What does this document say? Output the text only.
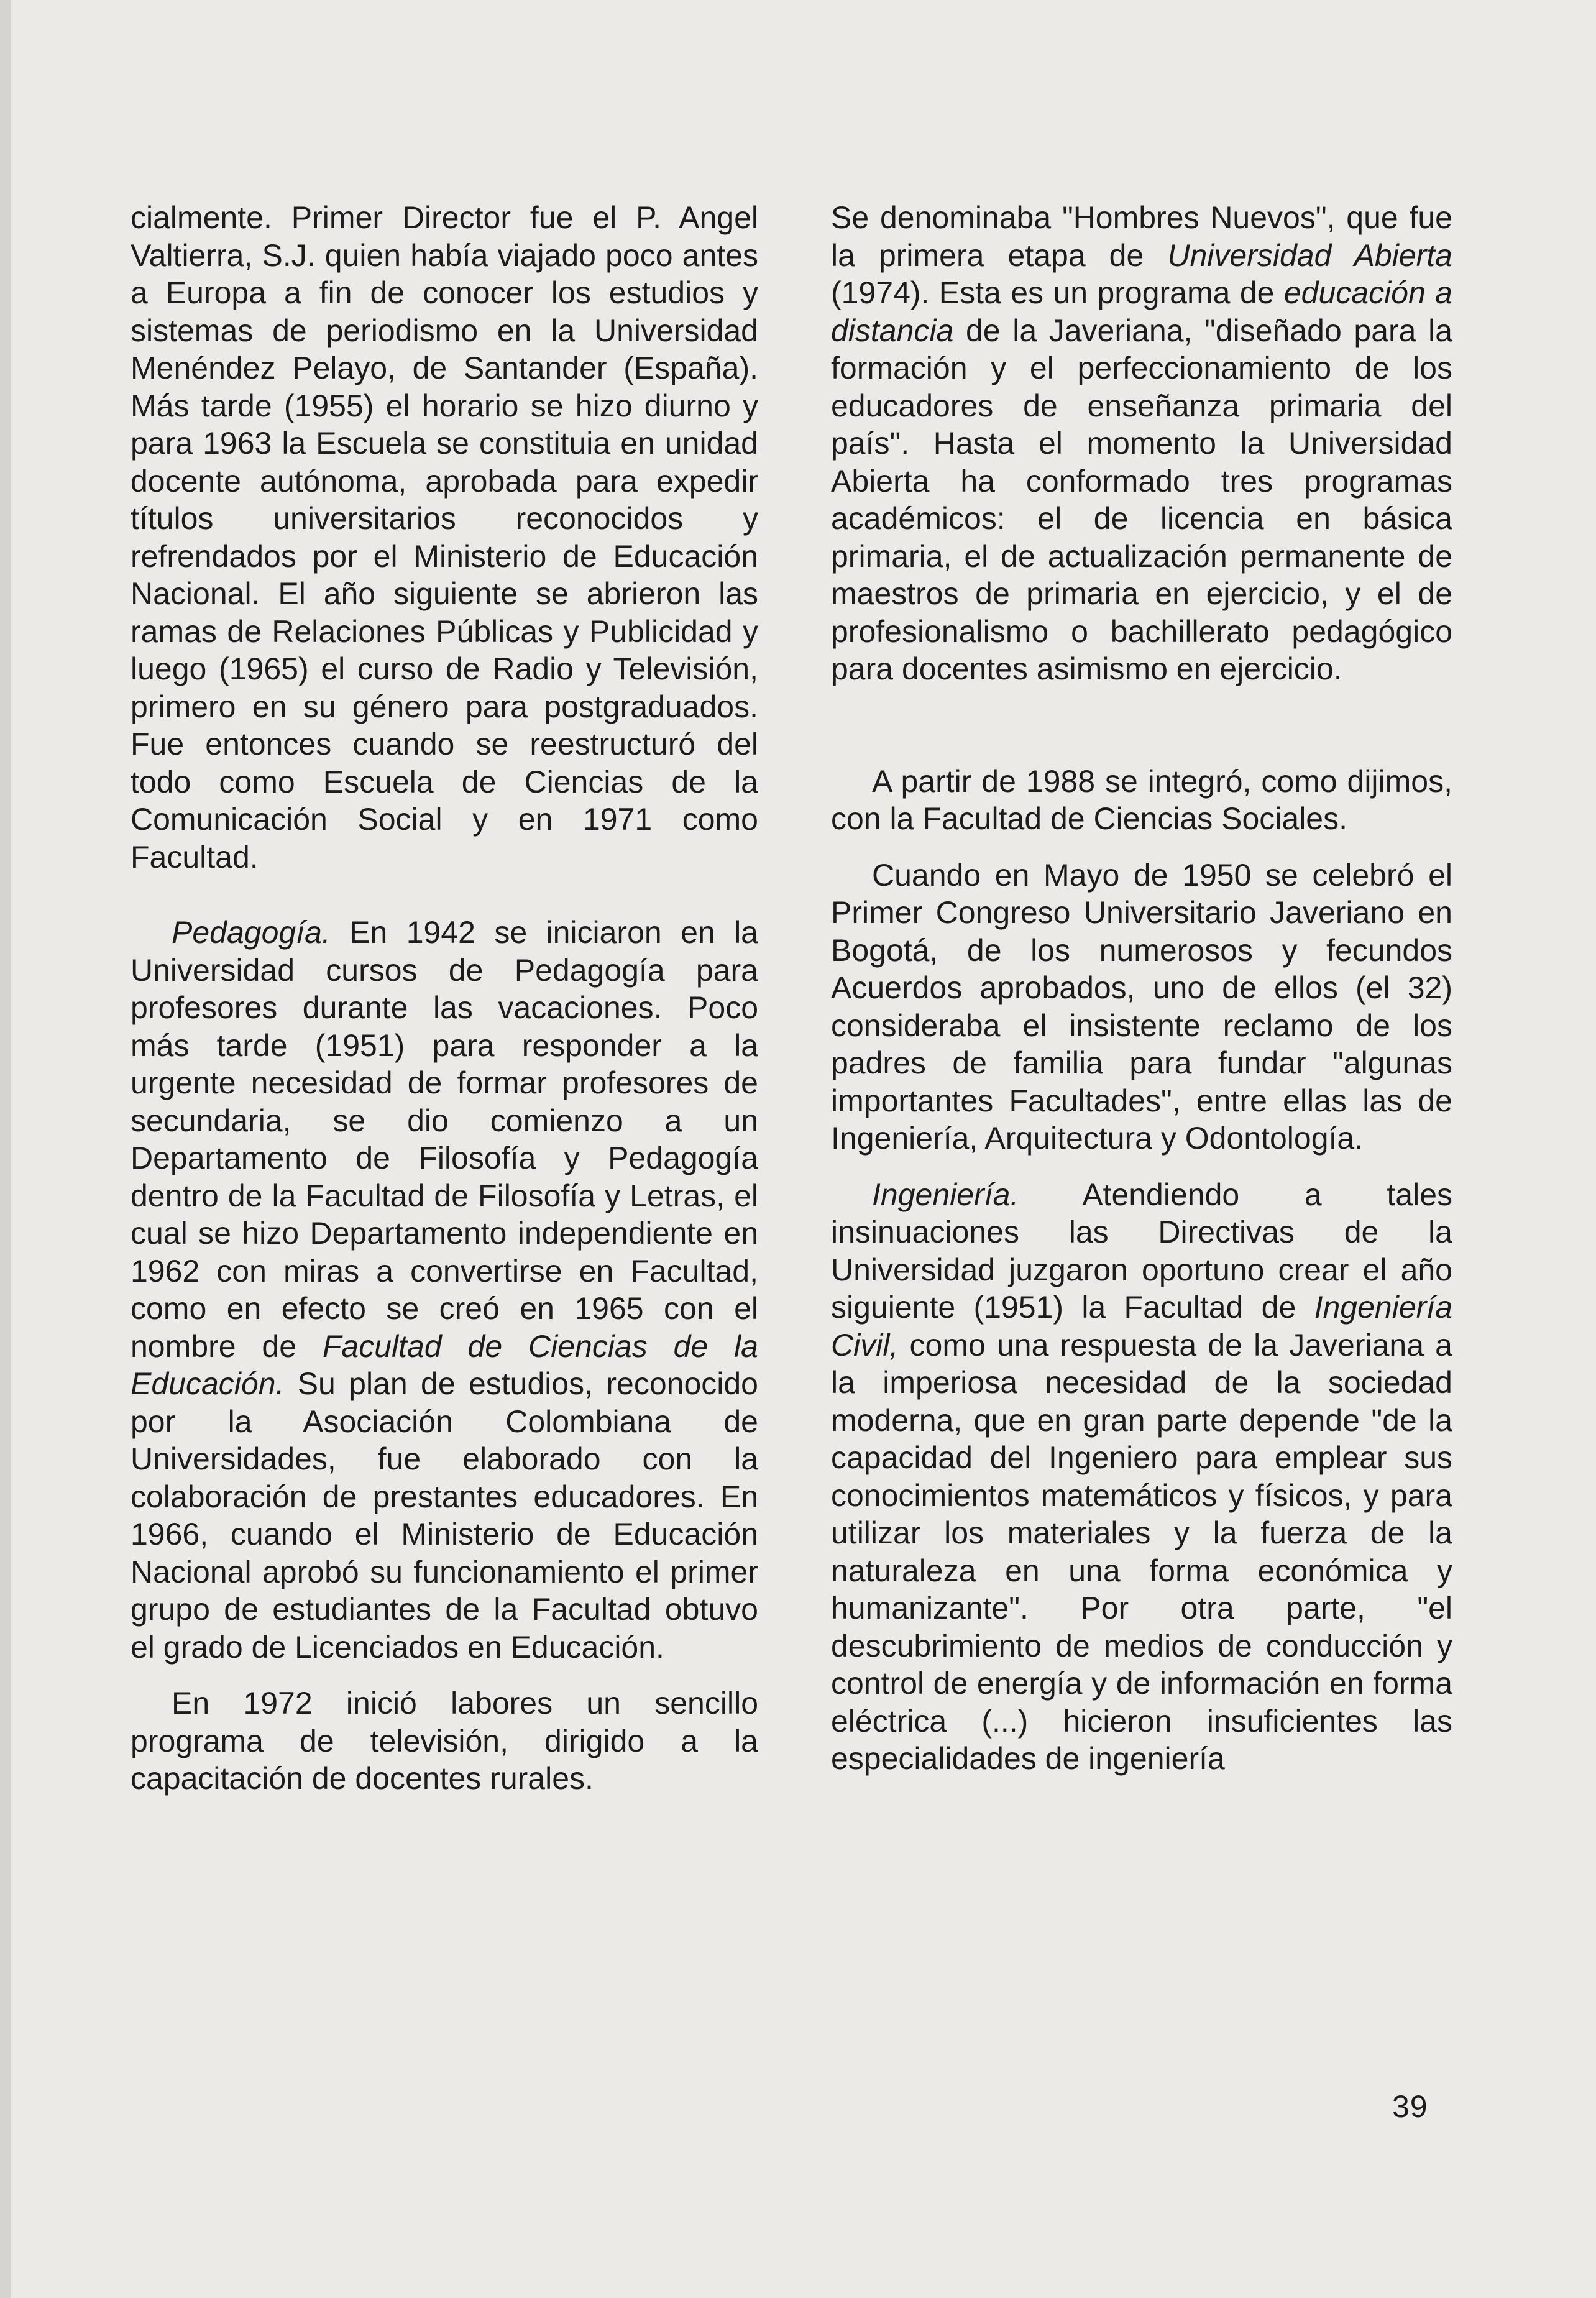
cialmente. Primer Director fue el P. Angel Valtierra, S.J. quien había viajado poco antes a Europa a fin de conocer los estudios y sistemas de periodismo en la Universidad Menéndez Pelayo, de Santander (España). Más tarde (1955) el horario se hizo diurno y para 1963 la Escuela se constituia en unidad docente autónoma, aprobada para expedir títulos universitarios reconocidos y refrendados por el Ministerio de Educación Nacional. El año siguiente se abrieron las ramas de Relaciones Públicas y Publicidad y luego (1965) el curso de Radio y Televisión, primero en su género para postgraduados. Fue entonces cuando se reestructuró del todo como Escuela de Ciencias de la Comunicación Social y en 1971 como Facultad.

Pedagogía. En 1942 se iniciaron en la Universidad cursos de Pedagogía para profesores durante las vacaciones. Poco más tarde (1951) para responder a la urgente necesidad de formar profesores de secundaria, se dio comienzo a un Departamento de Filosofía y Pedagogía dentro de la Facultad de Filosofía y Letras, el cual se hizo Departamento independiente en 1962 con miras a convertirse en Facultad, como en efecto se creó en 1965 con el nombre de Facultad de Ciencias de la Educación. Su plan de estudios, reconocido por la Asociación Colombiana de Universidades, fue elaborado con la colaboración de prestantes educadores. En 1966, cuando el Ministerio de Educación Nacional aprobó su funcionamiento el primer grupo de estudiantes de la Facultad obtuvo el grado de Licenciados en Educación.

En 1972 inició labores un sencillo programa de televisión, dirigido a la capacitación de docentes rurales.

Se denominaba "Hombres Nuevos", que fue la primera etapa de Universidad Abierta (1974). Esta es un programa de educación a distancia de la Javeriana, "diseñado para la formación y el perfeccionamiento de los educadores de enseñanza primaria del país". Hasta el momento la Universidad Abierta ha conformado tres programas académicos: el de licencia en básica primaria, el de actualización permanente de maestros de primaria en ejercicio, y el de profesionalismo o bachillerato pedagógico para docentes asimismo en ejercicio.

A partir de 1988 se integró, como dijimos, con la Facultad de Ciencias Sociales.

Cuando en Mayo de 1950 se celebró el Primer Congreso Universitario Javeriano en Bogotá, de los numerosos y fecundos Acuerdos aprobados, uno de ellos (el 32) consideraba el insistente reclamo de los padres de familia para fundar "algunas importantes Facultades", entre ellas las de Ingeniería, Arquitectura y Odontología.

Ingeniería. Atendiendo a tales insinuaciones las Directivas de la Universidad juzgaron oportuno crear el año siguiente (1951) la Facultad de Ingeniería Civil, como una respuesta de la Javeriana a la imperiosa necesidad de la sociedad moderna, que en gran parte depende "de la capacidad del Ingeniero para emplear sus conocimientos matemáticos y físicos, y para utilizar los materiales y la fuerza de la naturaleza en una forma económica y humanizante". Por otra parte, "el descubrimiento de medios de conducción y control de energía y de información en forma eléctrica (...) hicieron insuficientes las especialidades de ingeniería

39
